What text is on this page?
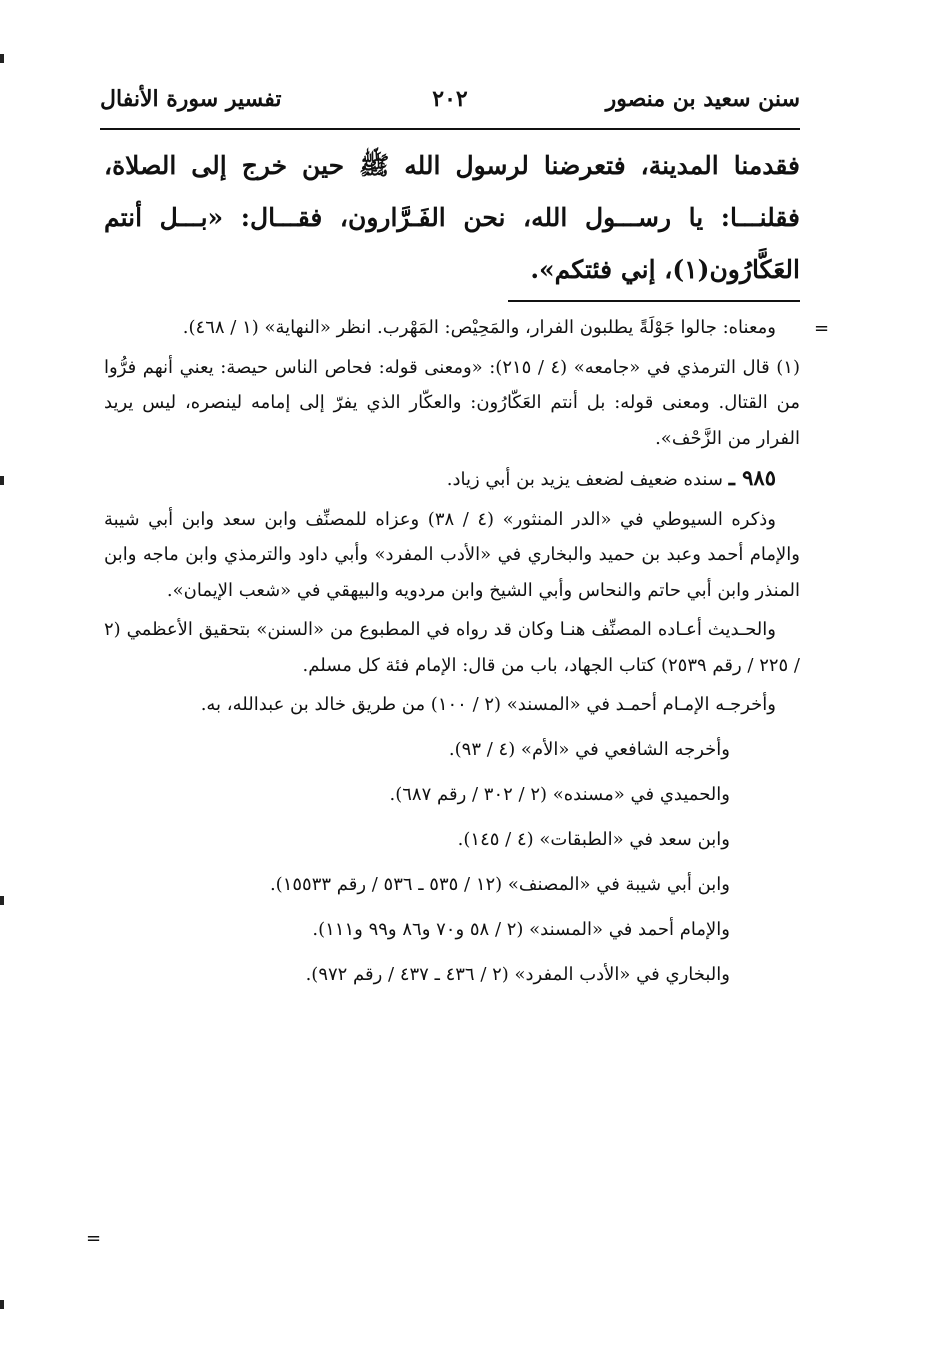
سنن سعيد بن منصور
٢٠٢
تفسير سورة الأنفال

فقدمنا المدينة، فتعرضنا لرسول الله ﷺ حين خرج إلى الصلاة، فقلنـــا: يا رســـول الله، نحن الفَـرَّارون، فقـــال: «بـــل أنتم العَكَّارُون(١)، إني فئتكم».

ومعناه: جالوا جَوْلَةً يطلبون الفرار، والمَحِيْص: المَهْرب. انظر «النهاية» (١ / ٤٦٨).

(١) قال الترمذي في «جامعه» (٤ / ٢١٥): «ومعنى قوله: فحاص الناس حيصة: يعني أنهم فرُّوا من القتال. ومعنى قوله: بل أنتم العَكّارُون: والعكّار الذي يفرّ إلى إمامه لينصره، ليس يريد الفرار من الزَّحْف».

٩٨٥ ـ سنده ضعيف لضعف يزيد بن أبي زياد.

وذكره السيوطي في «الدر المنثور» (٤ / ٣٨) وعزاه للمصنِّف وابن سعد وابن أبي شيبة والإمام أحمد وعبد بن حميد والبخاري في «الأدب المفرد» وأبي داود والترمذي وابن ماجه وابن المنذر وابن أبي حاتم والنحاس وأبي الشيخ وابن مردويه والبيهقي في «شعب الإيمان».

والحـديث أعـاده المصنِّف هنـا وكان قد رواه في المطبوع من «السنن» بتحقيق الأعظمي (٢ / ٢٢٥ / رقم ٢٥٣٩) كتاب الجهاد، باب من قال: الإمام فئة كل مسلم.

وأخرجـه الإمـام أحمـد في «المسند» (٢ / ١٠٠) من طريق خالد بن عبدالله، به.

وأخرجه الشافعي في «الأم» (٤ / ٩٣).
والحميدي في «مسنده» (٢ / ٣٠٢ / رقم ٦٨٧).
وابن سعد في «الطبقات» (٤ / ١٤٥).
وابن أبي شيبة في «المصنف» (١٢ / ٥٣٥ ـ ٥٣٦ / رقم ١٥٥٣٣).
والإمام أحمد في «المسند» (٢ / ٥٨ و٧٠ و٨٦ و٩٩ و١١١).
والبخاري في «الأدب المفرد» (٢ / ٤٣٦ ـ ٤٣٧ / رقم ٩٧٢).
=
=
